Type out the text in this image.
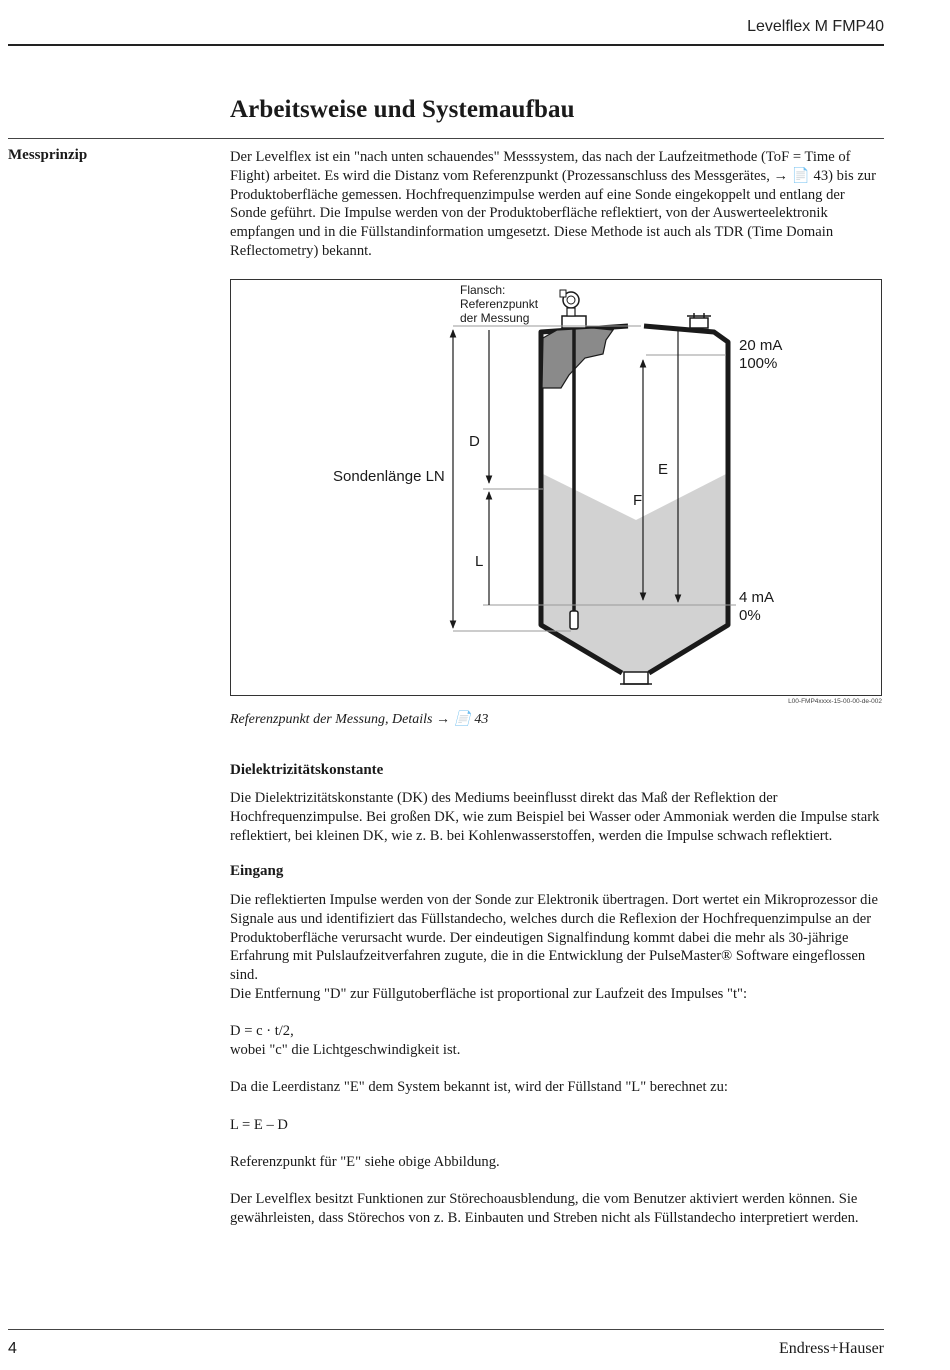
Levelflex M FMP40
Arbeitsweise und Systemaufbau
Messprinzip	Der Levelflex ist ein "nach unten schauendes" Messsystem, das nach der Laufzeitmethode (ToF = Time of Flight) arbeitet. Es wird die Distanz vom Referenzpunkt (Prozessanschluss des Messgerätes, → 📄 43) bis zur Produktoberfläche gemessen. Hochfrequenzimpulse werden auf eine Sonde eingekoppelt und entlang der Sonde geführt. Die Impulse werden von der Produktoberfläche reflektiert, von der Auswerteelektronik empfangen und in die Füllstandinformation umgesetzt. Diese Methode ist auch als TDR (Time Domain Reflectometry) bekannt.

Flansch:
Referenzpunkt
der Messung
Sondenlänge LN
D
L
E
F
20 mA
100%
4 mA
0%
L00-FMP4xxxx-15-00-00-de-002
Referenzpunkt der Messung, Details → 📄 43
Dielektrizitätskonstante

Die Dielektrizitätskonstante (DK) des Mediums beeinflusst direkt das Maß der Reflektion der Hochfrequenzimpulse. Bei großen DK, wie zum Beispiel bei Wasser oder Ammoniak werden die Impulse stark reflektiert, bei kleinen DK, wie z. B. bei Kohlenwasserstoffen, werden die Impulse schwach reflektiert.

Eingang

Die reflektierten Impulse werden von der Sonde zur Elektronik übertragen. Dort wertet ein Mikroprozessor die Signale aus und identifiziert das Füllstandecho, welches durch die Reflexion der Hochfrequenzimpulse an der Produktoberfläche verursacht wurde. Der eindeutigen Signalfindung kommt dabei die mehr als 30-jährige Erfahrung mit Pulslaufzeitverfahren zugute, die in die Entwicklung der PulseMaster® Software eingeflossen sind.

Die Entfernung "D" zur Füllgutoberfläche ist proportional zur Laufzeit des Impulses "t":

D = c · t/2,

wobei "c" die Lichtgeschwindigkeit ist.

Da die Leerdistanz "E" dem System bekannt ist, wird der Füllstand "L" berechnet zu:

L = E – D

Referenzpunkt für "E" siehe obige Abbildung.

Der Levelflex besitzt Funktionen zur Störechoausblendung, die vom Benutzer aktiviert werden können. Sie gewährleisten, dass Störechos von z. B. Einbauten und Streben nicht als Füllstandecho interpretiert werden.

4	Endress+Hauser
